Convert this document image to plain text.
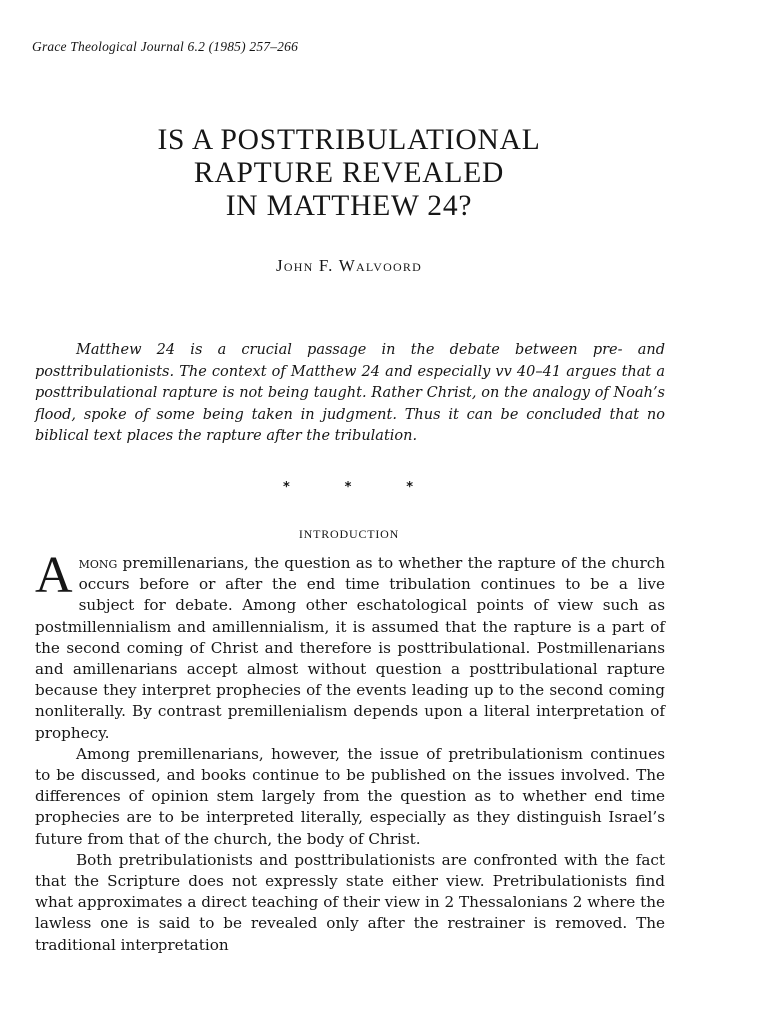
Grace Theological Journal 6.2 (1985) 257–266
IS A POSTTRIBULATIONAL
RAPTURE REVEALED
IN MATTHEW 24?
John F. Walvoord

Matthew 24 is a crucial passage in the debate between pre- and posttribulationists. The context of Matthew 24 and especially vv 40–41 argues that a posttribulational rapture is not being taught. Rather Christ, on the analogy of Noah’s flood, spoke of some being taken in judgment. Thus it can be concluded that no biblical text places the rapture after the tribulation.

*	*	*
INTRODUCTION

Among premillenarians, the question as to whether the rapture of the church occurs before or after the end time tribulation continues to be a live subject for debate. Among other eschatological points of view such as postmillennialism and amillennialism, it is assumed that the rapture is a part of the second coming of Christ and therefore is posttribulational. Postmillenarians and amillenarians accept almost without question a posttribulational rapture because they interpret prophecies of the events leading up to the second coming nonliterally. By contrast premillenialism depends upon a literal interpretation of prophecy.

Among premillenarians, however, the issue of pretribulationism continues to be discussed, and books continue to be published on the issues involved. The differences of opinion stem largely from the question as to whether end time prophecies are to be interpreted literally, especially as they distinguish Israel’s future from that of the church, the body of Christ.

Both pretribulationists and posttribulationists are confronted with the fact that the Scripture does not expressly state either view. Pretribulationists find what approximates a direct teaching of their view in 2 Thessalonians 2 where the lawless one is said to be revealed only after the restrainer is removed. The traditional interpretation
